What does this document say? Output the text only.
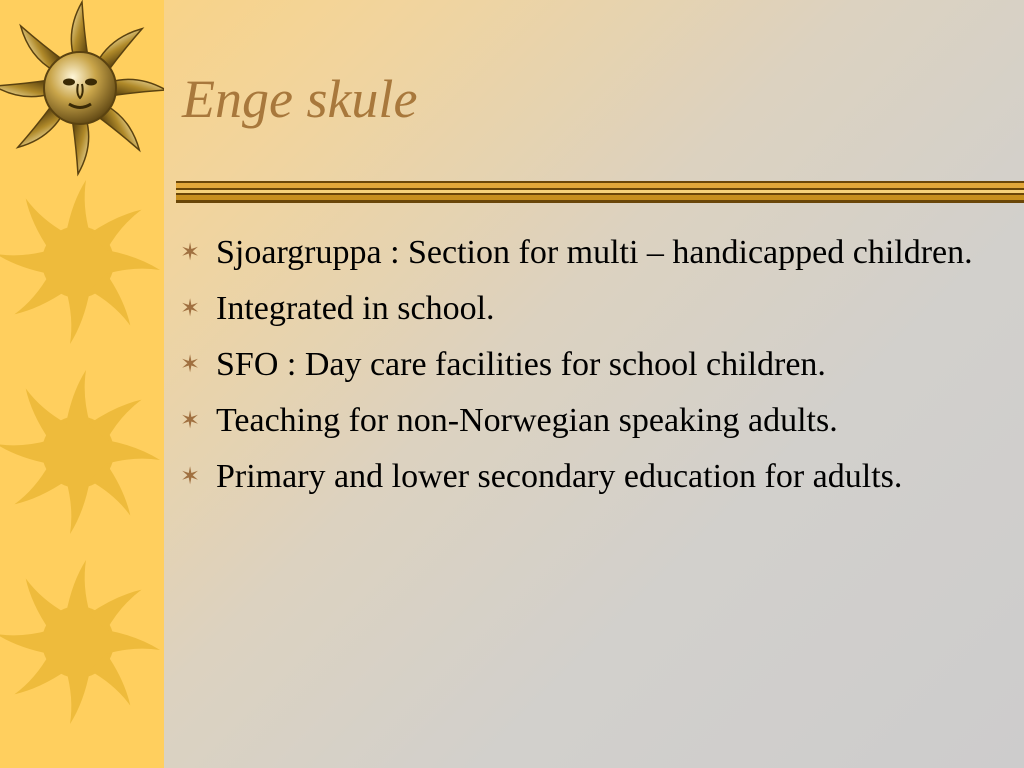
Enge skule
✶ Sjoargruppa : Section for multi – handicapped children.
✶ Integrated in school.
✶ SFO : Day care facilities for school children.
✶ Teaching for non-Norwegian speaking adults.
✶ Primary and lower secondary education for adults.
